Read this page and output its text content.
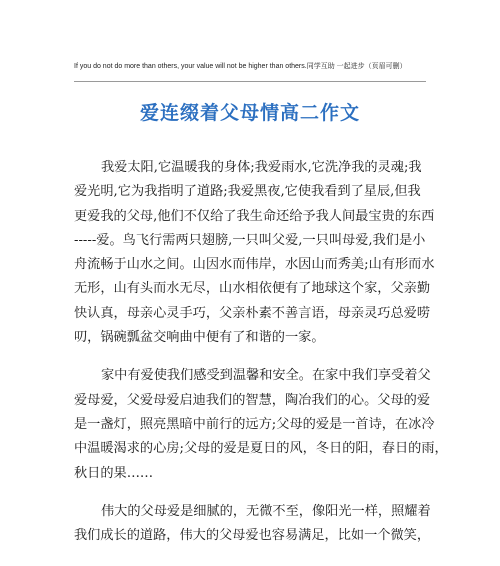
If you do not do more than others, your value will not be higher than others.同学互助 一起进步（页眉可删）
爱连缀着父母情高二作文
我爱太阳,它温暖我的身体;我爱雨水,它洗净我的灵魂;我
爱光明,它为我指明了道路;我爱黑夜,它使我看到了星辰,但我
更爱我的父母,他们不仅给了我生命还给予我人间最宝贵的东西
-----爱。鸟飞行需两只翅膀,一只叫父爱,一只叫母爱,我们是小
舟流畅于山水之间。山因水而伟岸，水因山而秀美;山有形而水
无形，山有头而水无尽，山水相依便有了地球这个家，父亲勤
快认真，母亲心灵手巧，父亲朴素不善言语，母亲灵巧总爱唠
叨，锅碗瓢盆交响曲中便有了和谐的一家。
家中有爱使我们感受到温馨和安全。在家中我们享受着父
爱母爱，父爱母爱启迪我们的智慧，陶冶我们的心。父母的爱
是一盏灯，照亮黑暗中前行的远方;父母的爱是一首诗，在冰冷
中温暖渴求的心房;父母的爱是夏日的风，冬日的阳，春日的雨，
秋日的果……
伟大的父母爱是细腻的，无微不至，像阳光一样，照耀着
我们成长的道路，伟大的父母爱也容易满足，比如一个微笑，
